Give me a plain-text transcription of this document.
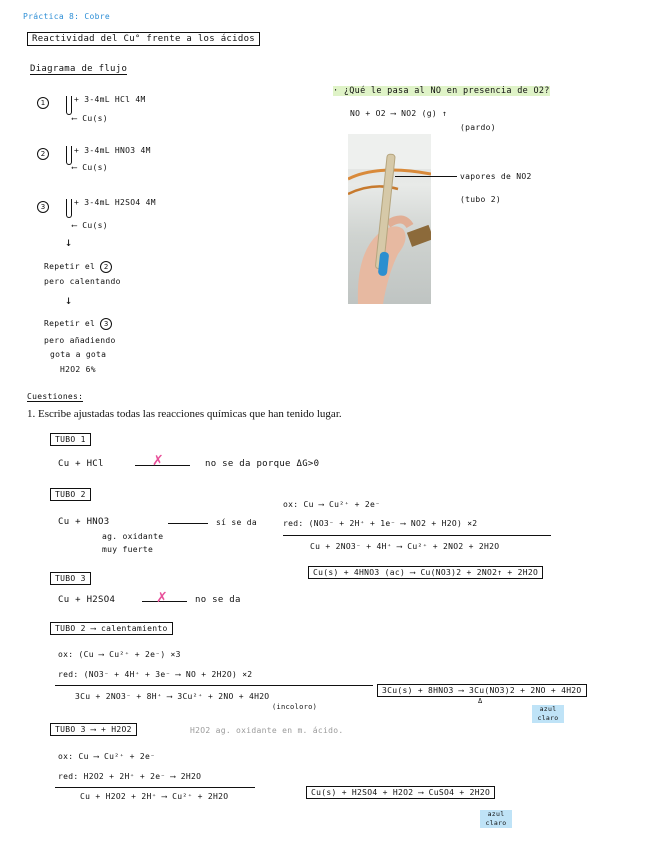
Práctica 8: Cobre
Reactividad del Cu° frente a los ácidos
Diagrama de flujo
1	+ 3-4mL HCl 4M
⟵ Cu(s)
2	+ 3-4mL HNO3 4M
⟵ Cu(s)
3	+ 3-4mL H2SO4 4M
⟵ Cu(s)
↓
Repetir el 2
pero calentando
↓
Repetir el 3
pero añadiendo
gota a gota
H2O2 6%
· ¿Qué le pasa al NO en presencia de O2?
NO + O2 ⟶ NO2 (g) ↑
(pardo)
vapores de NO2
(tubo 2)
Cuestiones:
1. Escribe ajustadas todas las reacciones químicas que han tenido lugar.
TUBO 1
Cu + HCl	✗	no se da porque ΔG>0
TUBO 2
Cu + HNO3	sí se da
ag. oxidante
muy fuerte
ox: Cu ⟶ Cu²⁺ + 2e⁻
red: (NO3⁻ + 2H⁺ + 1e⁻ ⟶ NO2 + H2O) ×2
Cu + 2NO3⁻ + 4H⁺ ⟶ Cu²⁺ + 2NO2 + 2H2O
Cu(s) + 4HNO3 (ac) ⟶ Cu(NO3)2 + 2NO2↑ + 2H2O
TUBO 3
Cu + H2SO4	✗	no se da
TUBO 2 ⟶ calentamiento
ox: (Cu ⟶ Cu²⁺ + 2e⁻) ×3
red: (NO3⁻ + 4H⁺ + 3e⁻ ⟶ NO + 2H2O) ×2
3Cu + 2NO3⁻ + 8H⁺ ⟶ 3Cu²⁺ + 2NO + 4H2O
(incoloro)
3Cu(s) + 8HNO3 ⟶ 3Cu(NO3)2 + 2NO + 4H2O
Δ
azul claro
TUBO 3 ⟶ + H2O2	H2O2 ag. oxidante en m. ácido.
ox: Cu ⟶ Cu²⁺ + 2e⁻
red: H2O2 + 2H⁺ + 2e⁻ ⟶ 2H2O
Cu + H2O2 + 2H⁺ ⟶ Cu²⁺ + 2H2O	Cu(s) + H2SO4 + H2O2 ⟶ CuSO4 + 2H2O
azul claro
